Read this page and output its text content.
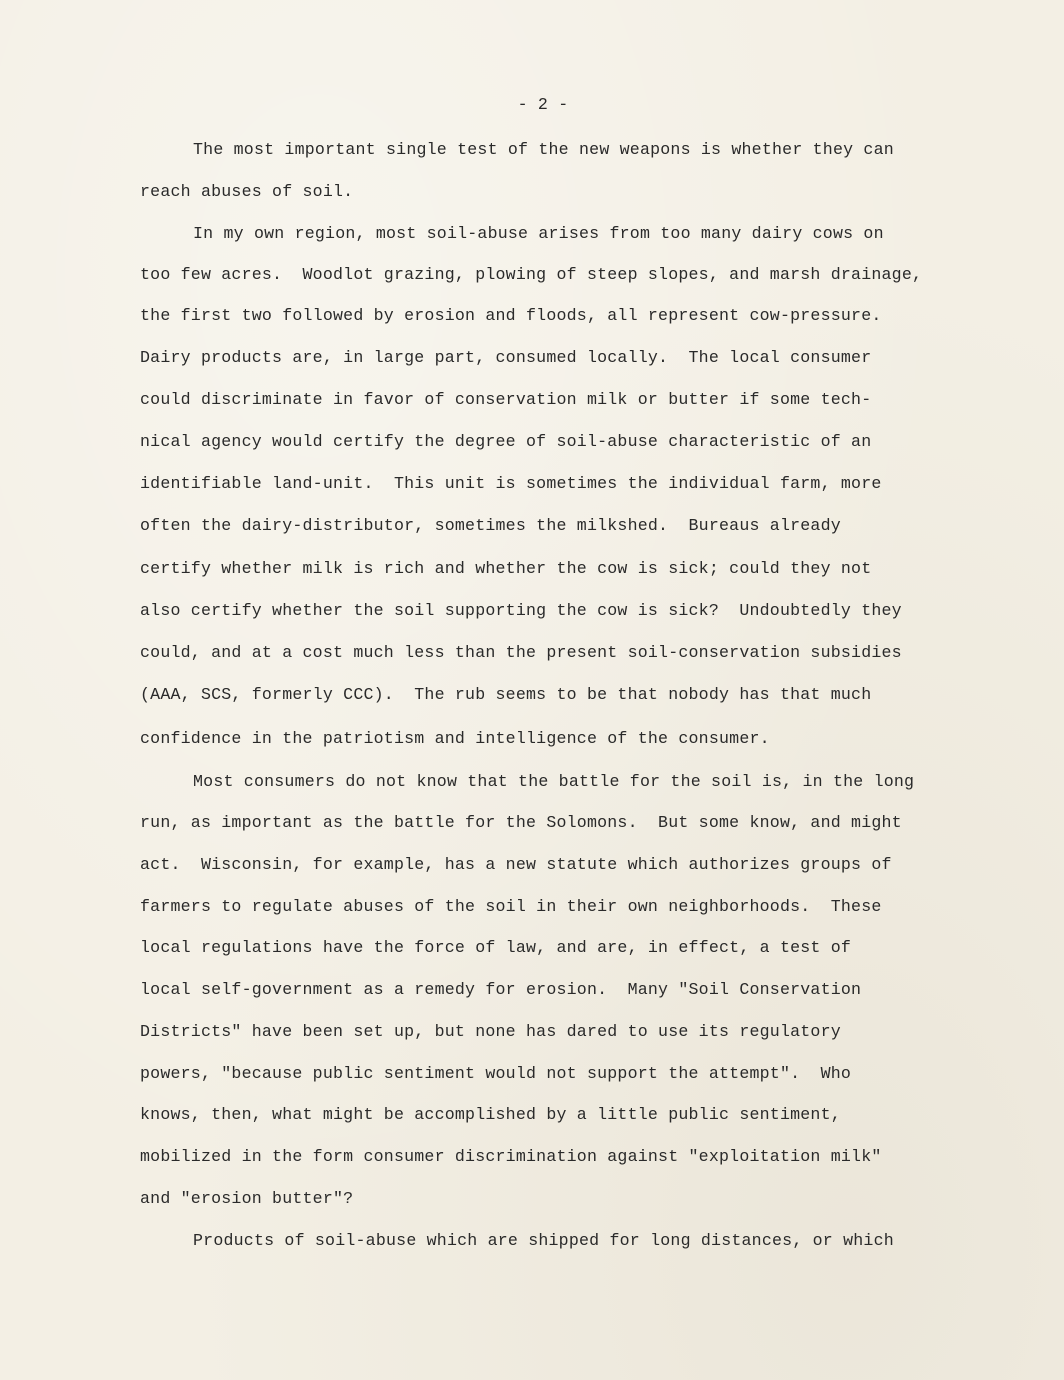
- 2 -
The most important single test of the new weapons is whether they can
reach abuses of soil.
In my own region, most soil-abuse arises from too many dairy cows on
too few acres.  Woodlot grazing, plowing of steep slopes, and marsh drainage,
the first two followed by erosion and floods, all represent cow-pressure.
Dairy products are, in large part, consumed locally.  The local consumer
could discriminate in favor of conservation milk or butter if some tech-
nical agency would certify the degree of soil-abuse characteristic of an
identifiable land-unit.  This unit is sometimes the individual farm, more
often the dairy-distributor, sometimes the milkshed.  Bureaus already
certify whether milk is rich and whether the cow is sick; could they not
also certify whether the soil supporting the cow is sick?  Undoubtedly they
could, and at a cost much less than the present soil-conservation subsidies
(AAA, SCS, formerly CCC).  The rub seems to be that nobody has that much
confidence in the patriotism and intelligence of the consumer.
Most consumers do not know that the battle for the soil is, in the long
run, as important as the battle for the Solomons.  But some know, and might
act.  Wisconsin, for example, has a new statute which authorizes groups of
farmers to regulate abuses of the soil in their own neighborhoods.  These
local regulations have the force of law, and are, in effect, a test of
local self-government as a remedy for erosion.  Many "Soil Conservation
Districts" have been set up, but none has dared to use its regulatory
powers, "because public sentiment would not support the attempt".  Who
knows, then, what might be accomplished by a little public sentiment,
mobilized in the form consumer discrimination against "exploitation milk"
and "erosion butter"?
Products of soil-abuse which are shipped for long distances, or which
